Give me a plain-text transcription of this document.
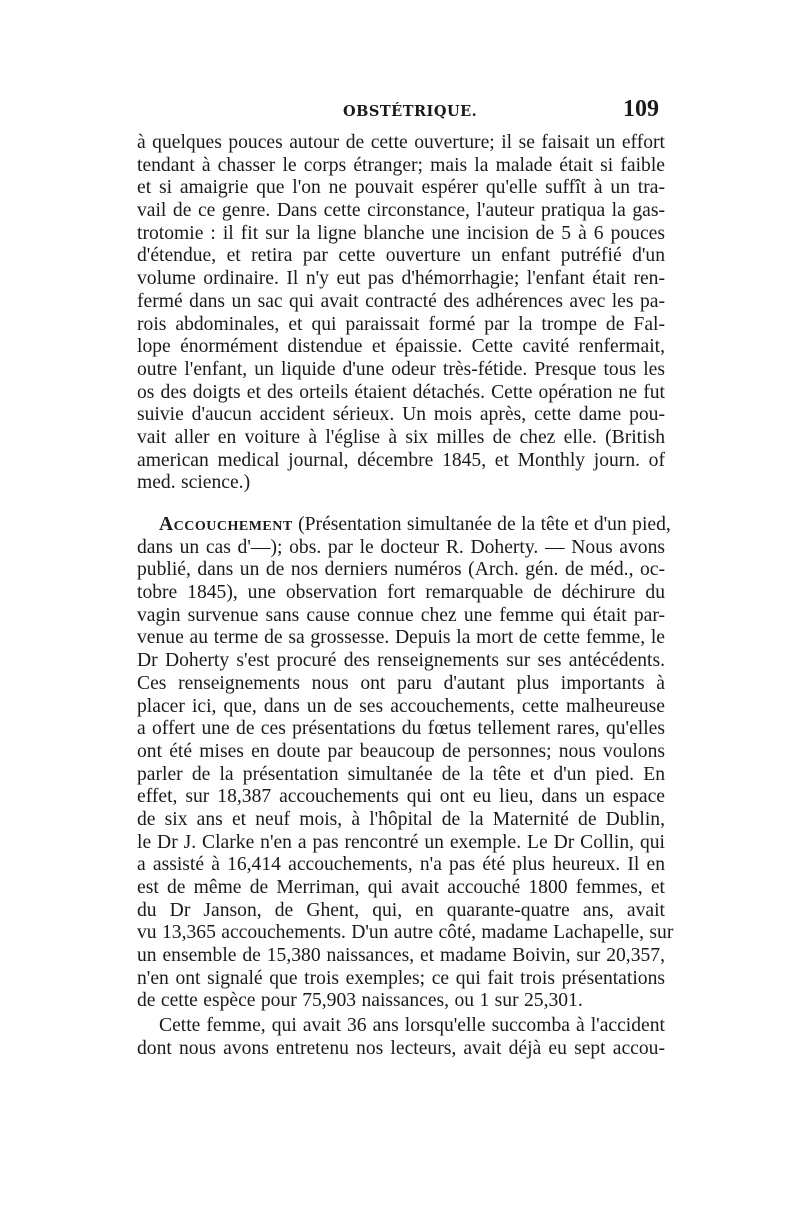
OBSTÉTRIQUE.	109
à quelques pouces autour de cette ouverture; il se faisait un effort
tendant à chasser le corps étranger; mais la malade était si faible
et si amaigrie que l'on ne pouvait espérer qu'elle suffît à un tra-
vail de ce genre. Dans cette circonstance, l'auteur pratiqua la gas-
trotomie : il fit sur la ligne blanche une incision de 5 à 6 pouces
d'étendue, et retira par cette ouverture un enfant putréfié d'un
volume ordinaire. Il n'y eut pas d'hémorrhagie; l'enfant était ren-
fermé dans un sac qui avait contracté des adhérences avec les pa-
rois abdominales, et qui paraissait formé par la trompe de Fal-
lope énormément distendue et épaissie. Cette cavité renfermait,
outre l'enfant, un liquide d'une odeur très-fétide. Presque tous les
os des doigts et des orteils étaient détachés. Cette opération ne fut
suivie d'aucun accident sérieux. Un mois après, cette dame pou-
vait aller en voiture à l'église à six milles de chez elle. (British
american medical journal, décembre 1845, et Monthly journ. of
med. science.)
Accouchement (Présentation simultanée de la tête et d'un pied,
dans un cas d'—); obs. par le docteur R. Doherty. — Nous avons
publié, dans un de nos derniers numéros (Arch. gén. de méd., oc-
tobre 1845), une observation fort remarquable de déchirure du
vagin survenue sans cause connue chez une femme qui était par-
venue au terme de sa grossesse. Depuis la mort de cette femme, le
Dr Doherty s'est procuré des renseignements sur ses antécédents.
Ces renseignements nous ont paru d'autant plus importants à
placer ici, que, dans un de ses accouchements, cette malheureuse
a offert une de ces présentations du fœtus tellement rares, qu'elles
ont été mises en doute par beaucoup de personnes; nous voulons
parler de la présentation simultanée de la tête et d'un pied. En
effet, sur 18,387 accouchements qui ont eu lieu, dans un espace
de six ans et neuf mois, à l'hôpital de la Maternité de Dublin,
le Dr J. Clarke n'en a pas rencontré un exemple. Le Dr Collin, qui
a assisté à 16,414 accouchements, n'a pas été plus heureux. Il en
est de même de Merriman, qui avait accouché 1800 femmes, et
du Dr Janson, de Ghent, qui, en quarante-quatre ans, avait
vu 13,365 accouchements. D'un autre côté, madame Lachapelle, sur
un ensemble de 15,380 naissances, et madame Boivin, sur 20,357,
n'en ont signalé que trois exemples; ce qui fait trois présentations
de cette espèce pour 75,903 naissances, ou 1 sur 25,301.
Cette femme, qui avait 36 ans lorsqu'elle succomba à l'accident
dont nous avons entretenu nos lecteurs, avait déjà eu sept accou-
